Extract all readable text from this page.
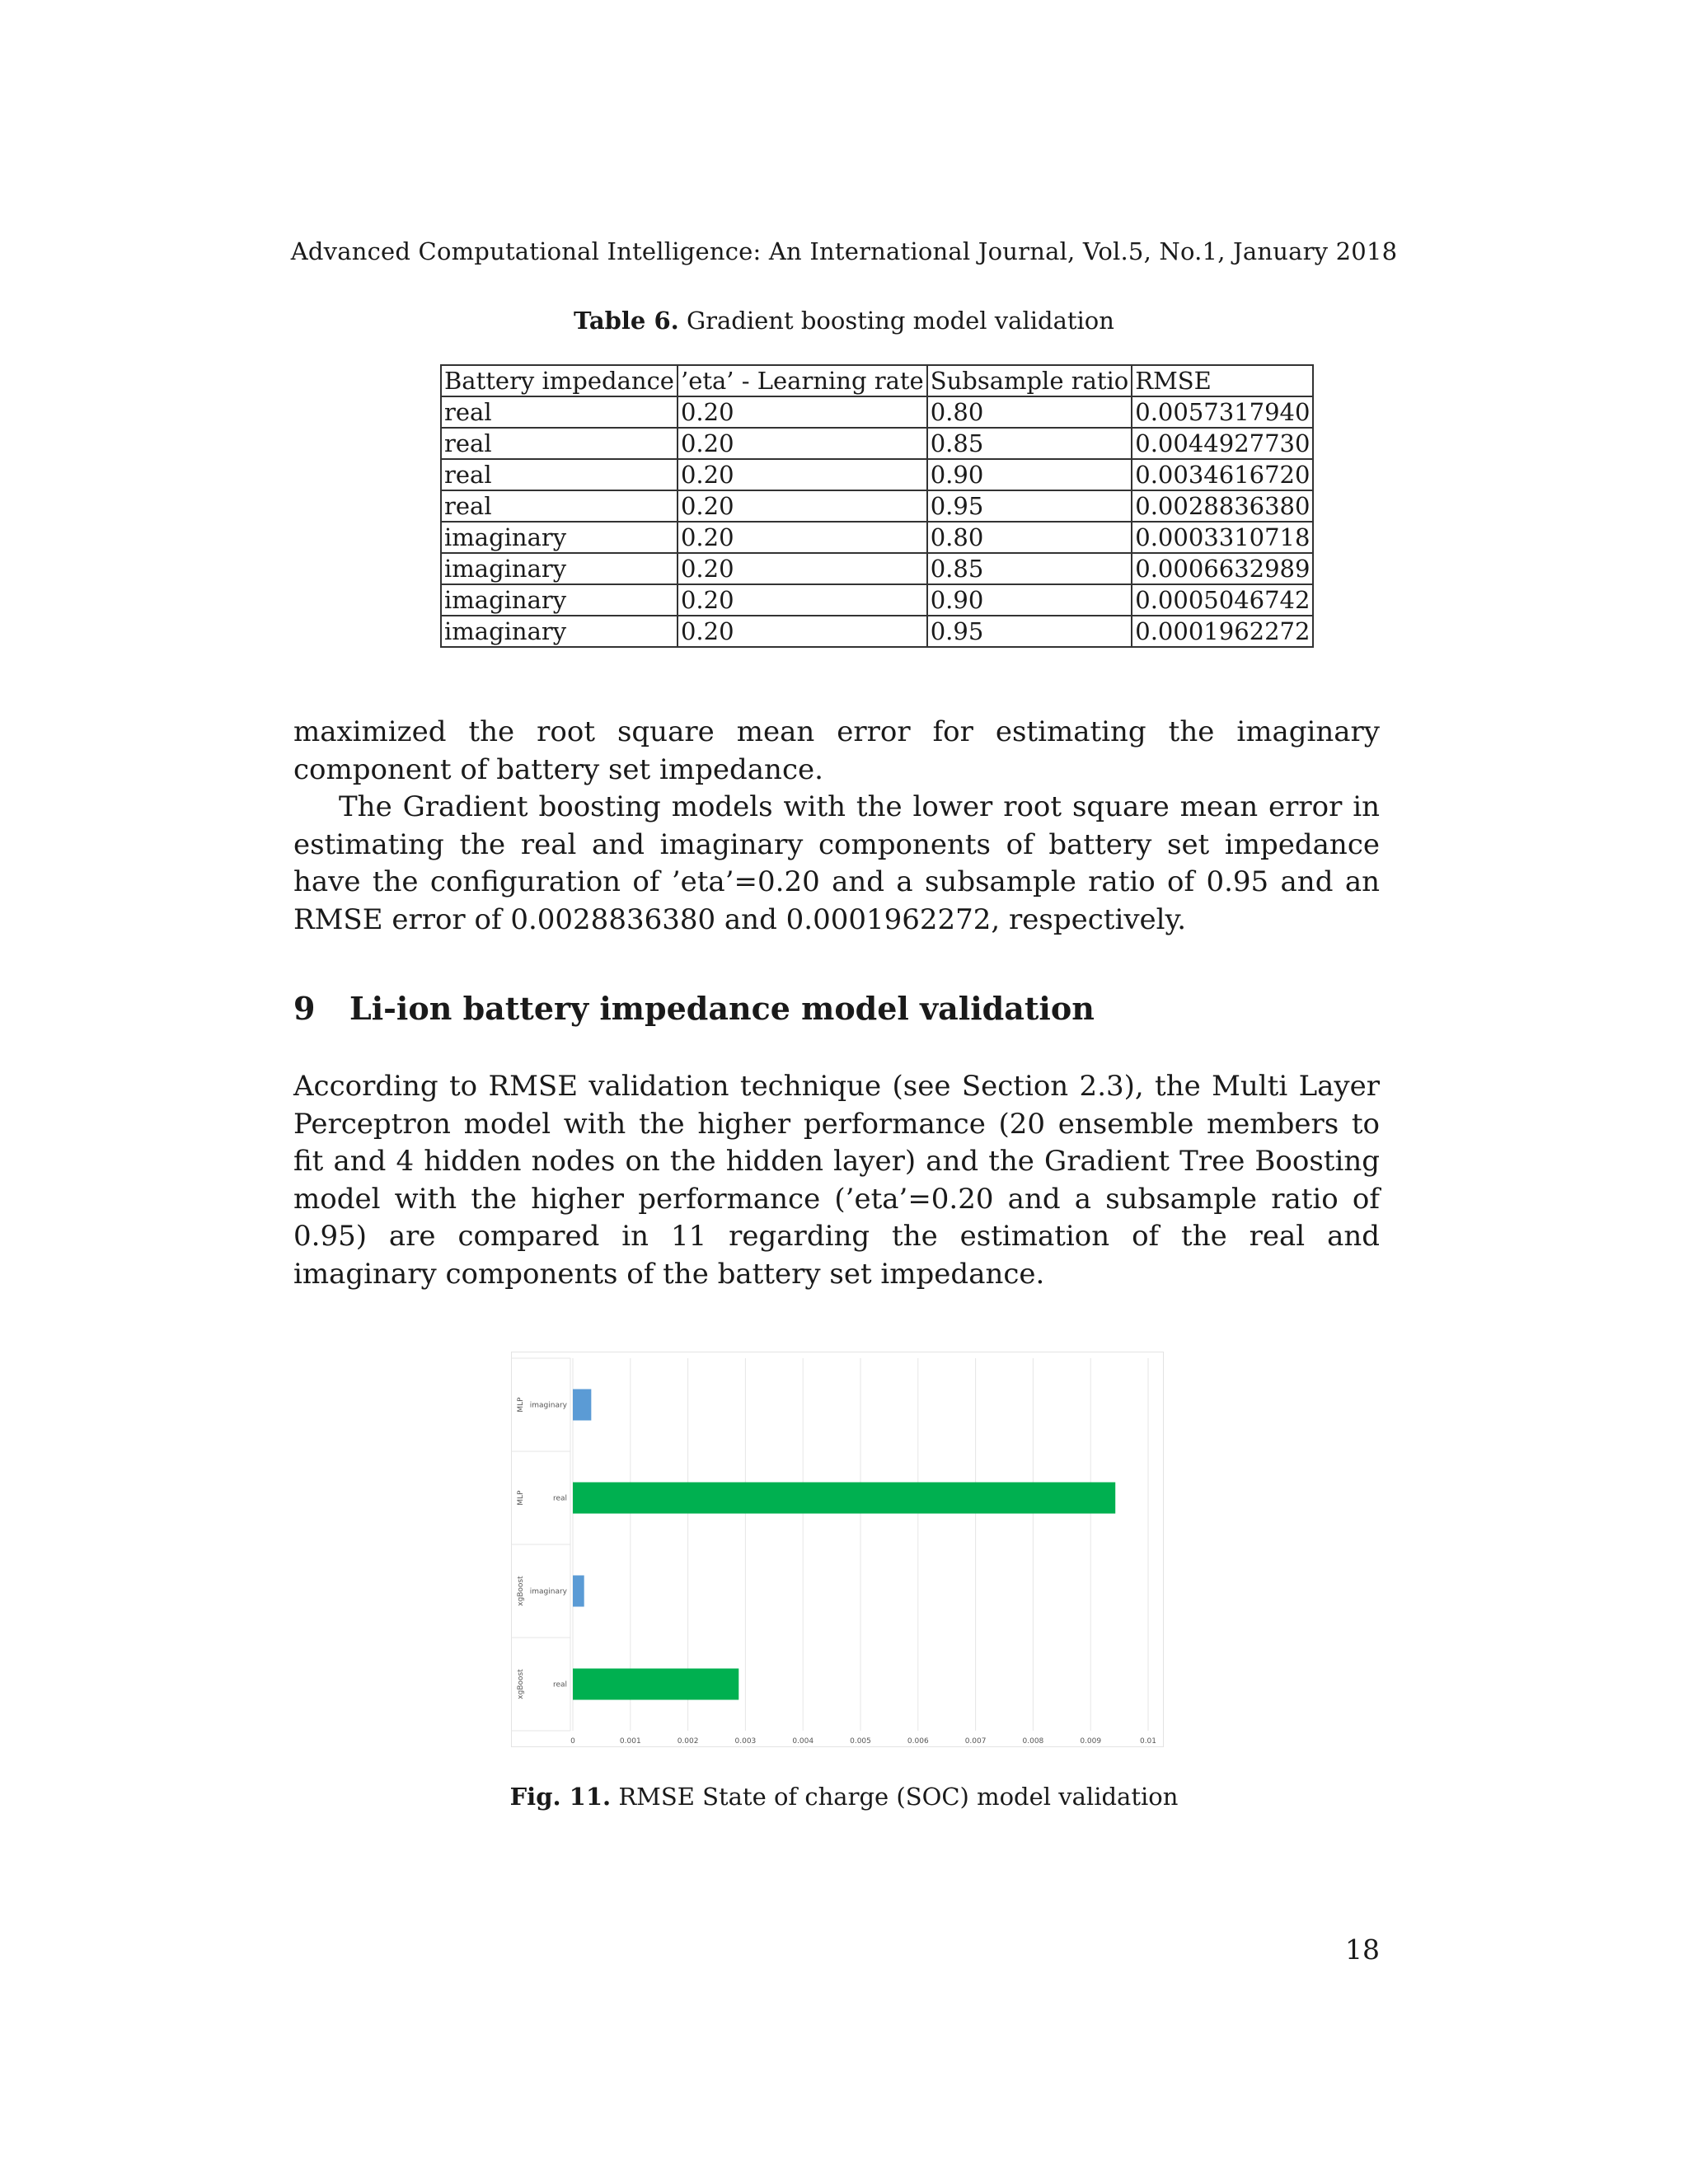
Advanced Computational Intelligence: An International Journal, Vol.5, No.1, January 2018
Table 6. Gradient boosting model validation
Battery impedance	’eta’ - Learning rate	Subsample ratio	RMSE
real	0.20	0.80	0.0057317940
real	0.20	0.85	0.0044927730
real	0.20	0.90	0.0034616720
real	0.20	0.95	0.0028836380
imaginary	0.20	0.80	0.0003310718
imaginary	0.20	0.85	0.0006632989
imaginary	0.20	0.90	0.0005046742
imaginary	0.20	0.95	0.0001962272

maximized the root square mean error for estimating the imaginary component of battery set impedance.

The Gradient boosting models with the lower root square mean error in estimating the real and imaginary components of battery set impedance have the configuration of ’eta’=0.20 and a subsample ratio of 0.95 and an RMSE error of 0.0028836380 and 0.0001962272, respectively.

9 Li-ion battery impedance model validation

According to RMSE validation technique (see Section 2.3), the Multi Layer Perceptron model with the higher performance (20 ensemble members to fit and 4 hidden nodes on the hidden layer) and the Gradient Tree Boosting model with the higher performance (’eta’=0.20 and a subsample ratio of 0.95) are compared in 11 regarding the estimation of the real and imaginary components of the battery set impedance.

0	0.001	0.002	0.003	0.004	0.005	0.006	0.007	0.008	0.009	0.01
imaginary
MLP
real
MLP
imaginary
xgBoost
real
xgBoost
Fig. 11. RMSE State of charge (SOC) model validation
18
